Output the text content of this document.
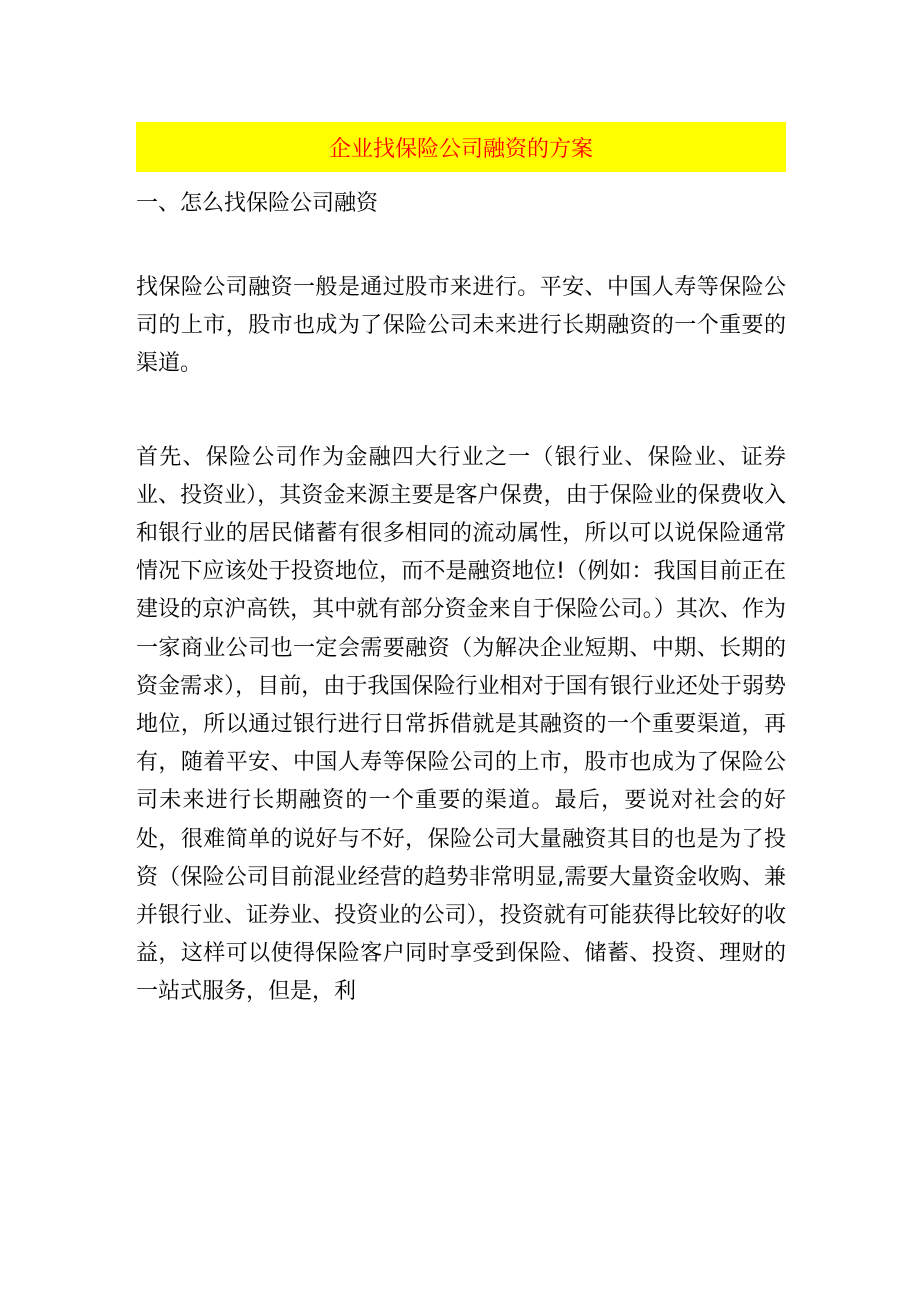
企业找保险公司融资的方案
一、怎么找保险公司融资

找保险公司融资一般是通过股市来进行。平安、中国人寿等保险公司的上市，股市也成为了保险公司未来进行长期融资的一个重要的渠道。

首先、保险公司作为金融四大行业之一（银行业、保险业、证券业、投资业），其资金来源主要是客户保费，由于保险业的保费收入和银行业的居民储蓄有很多相同的流动属性，所以可以说保险通常情况下应该处于投资地位，而不是融资地位!（例如：我国目前正在建设的京沪高铁，其中就有部分资金来自于保险公司。）其次、作为一家商业公司也一定会需要融资（为解决企业短期、中期、长期的资金需求），目前，由于我国保险行业相对于国有银行业还处于弱势地位，所以通过银行进行日常拆借就是其融资的一个重要渠道，再有，随着平安、中国人寿等保险公司的上市，股市也成为了保险公司未来进行长期融资的一个重要的渠道。最后，要说对社会的好处，很难简单的说好与不好，保险公司大量融资其目的也是为了投资（保险公司目前混业经营的趋势非常明显,需要大量资金收购、兼并银行业、证券业、投资业的公司），投资就有可能获得比较好的收益，这样可以使得保险客户同时享受到保险、储蓄、投资、理财的一站式服务，但是，利
